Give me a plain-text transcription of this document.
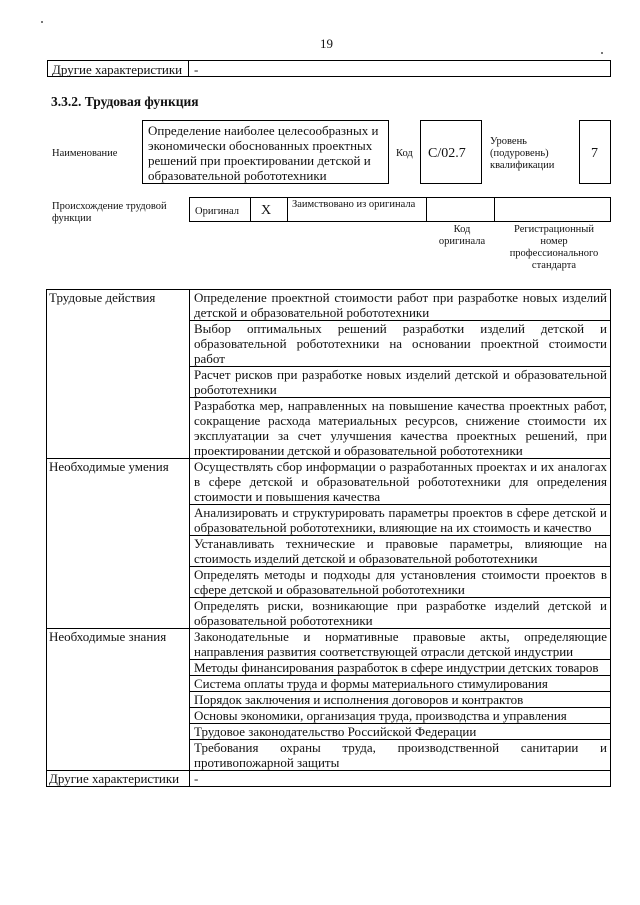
19
Другие характеристики -
3.3.2. Трудовая функция
Наименование
Определение наиболее целесообразных и экономически обоснованных проектных решений при проектировании детской и образовательной робототехники
Код C/02.7
Уровень (подуровень) квалификации
7
Происхождение трудовой функции
Оригинал X Заимствовано из оригинала
Код оригинала
Регистрационный номер профессионального стандарта
Трудовые действия	Определение проектной стоимости работ при разработке новых изделий детской и образовательной робототехники
	Выбор оптимальных решений разработки изделий детской и образовательной робототехники на основании проектной стоимости работ
	Расчет рисков при разработке новых изделий детской и образовательной робототехники
	Разработка мер, направленных на повышение качества проектных работ, сокращение расхода материальных ресурсов, снижение стоимости их эксплуатации за счет улучшения качества проектных решений, при проектировании детской и образовательной робототехники
Необходимые умения	Осуществлять сбор информации о разработанных проектах и их аналогах в сфере детской и образовательной робототехники для определения стоимости и повышения качества
	Анализировать и структурировать параметры проектов в сфере детской и образовательной робототехники, влияющие на их стоимость и качество
	Устанавливать технические и правовые параметры, влияющие на стоимость изделий детской и образовательной робототехники
	Определять методы и подходы для установления стоимости проектов в сфере детской и образовательной робототехники
	Определять риски, возникающие при разработке изделий детской и образовательной робототехники
Необходимые знания	Законодательные и нормативные правовые акты, определяющие направления развития соответствующей отрасли детской индустрии
	Методы финансирования разработок в сфере индустрии детских товаров
	Система оплаты труда и формы материального стимулирования
	Порядок заключения и исполнения договоров и контрактов
	Основы экономики, организация труда, производства и управления
	Трудовое законодательство Российской Федерации
	Требования охраны труда, производственной санитарии и противопожарной защиты
Другие характеристики	-
